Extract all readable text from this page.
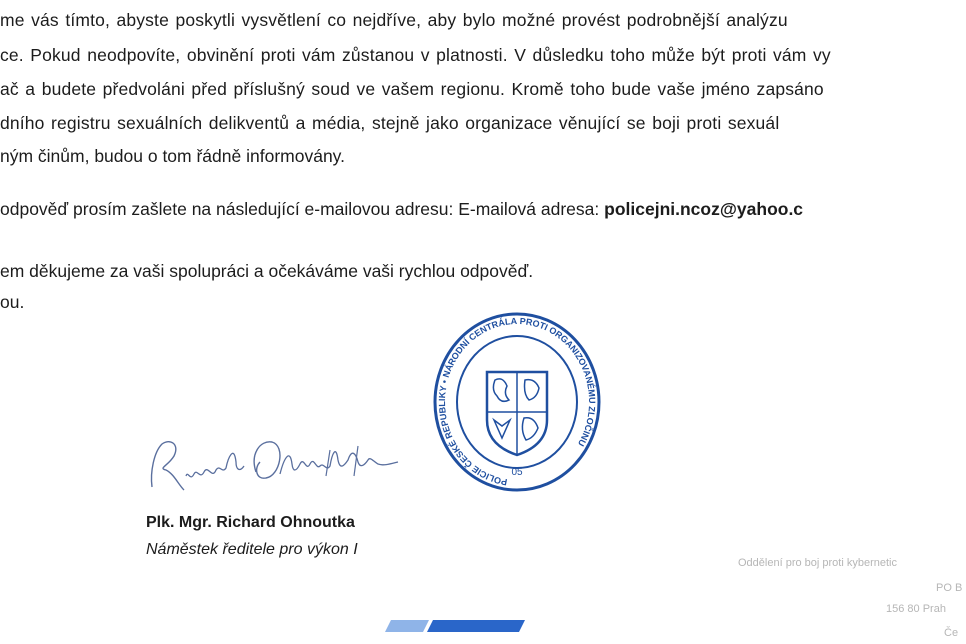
me vás tímto, abyste poskytli vysvětlení co nejdříve, aby bylo možné provést podrobnější analýzu
ce. Pokud neodpovíte, obvinění proti vám zůstanou v platnosti. V důsledku toho může být proti vám vy
ač a budete předvoláni před příslušný soud ve vašem regionu. Kromě toho bude vaše jméno zapsáno
dního registru sexuálních delikventů a média, stejně jako organizace věnující se boji proti sexuál
ným činům, budou o tom řádně informovány.
odpověď prosím zašlete na následující e-mailovou adresu: E-mailová adresa: policejni.ncoz@yahoo.c
em děkujeme za vaši spolupráci a očekáváme vaši rychlou odpověď.
ou.
POLICIE ČESKÉ REPUBLIKY • NÁRODNÍ CENTRÁLA PROTI ORGANIZOVANÉMU ZLOČINU
05
Plk. Mgr. Richard Ohnoutka
Náměstek ředitele pro výkon I
Oddělení pro boj proti kybernetic
PO B
156 80 Prah
Če
